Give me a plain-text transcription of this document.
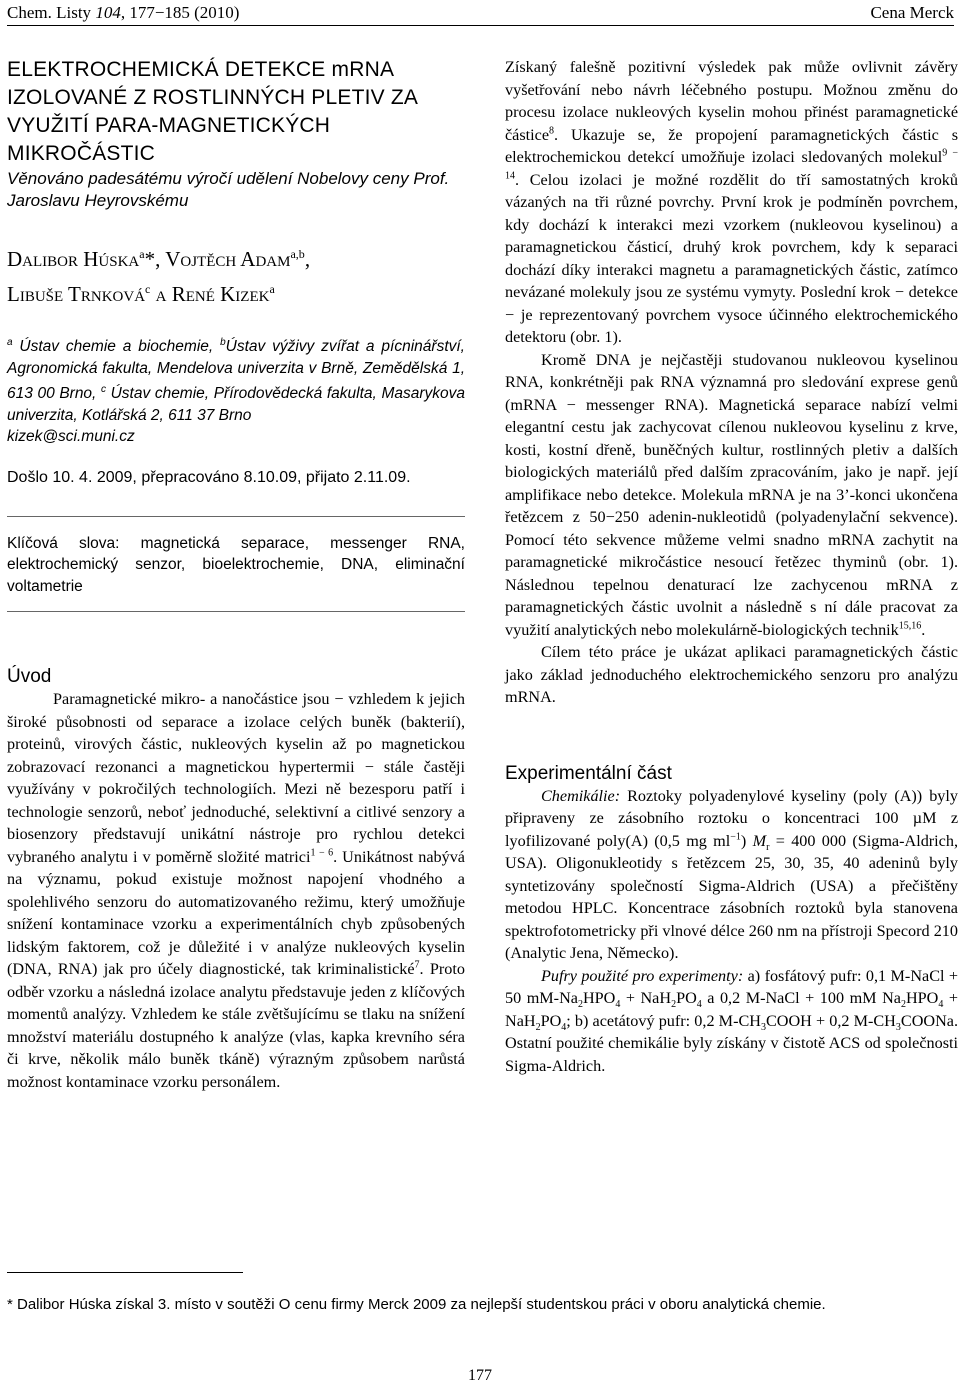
Chem. Listy 104, 177−185 (2010)	Cena Merck
ELEKTROCHEMICKÁ DETEKCE mRNA IZOLOVANÉ Z ROSTLINNÝCH PLETIV ZA VYUŽITÍ PARA-MAGNETICKÝCH MIKROČÁSTIC

Věnováno padesátému výročí udělení Nobelovy ceny Prof. Jaroslavu Heyrovskému

Dalibor Húska$^a$*, Vojtěch Adam$^{a,b}$,
Libuše Trnková$^c$ a René Kizek$^a$
$^a$ Ústav chemie a biochemie, $^b$Ústav výživy zvířat a pícninářství, Agronomická fakulta, Mendelova univerzita v Brně, Zemědělská 1, 613 00 Brno, $^c$ Ústav chemie, Přírodovědecká fakulta, Masarykova univerzita, Kotlářská 2, 611 37 Brno
kizek@sci.muni.cz
Došlo 10. 4. 2009, přepracováno 8.10.09, přijato 2.11.09.
Klíčová slova: magnetická separace, messenger RNA, elektrochemický senzor, bioelektrochemie, DNA, eliminační voltametrie
Úvod

Paramagnetické mikro- a nanočástice jsou − vzhledem k jejich široké působnosti od separace a izolace celých buněk (bakterií), proteinů, virových částic, nukleových kyselin až po magnetickou zobrazovací rezonanci a magnetickou hypertermii − stále častěji využívány v pokročilých technologiích. Mezi ně bezesporu patří i technologie senzorů, neboť jednoduché, selektivní a citlivé senzory a biosenzory představují unikátní nástroje pro rychlou detekci vybraného analytu i v poměrně složité matrici$^{1 - 6}$. Unikátnost nabývá na významu, pokud existuje možnost napojení vhodného a spolehlivého senzoru do automatizovaného režimu, který umožňuje snížení kontaminace vzorku a experimentálních chyb způsobených lidským faktorem, což je důležité i v analýze nukleových kyselin (DNA, RNA) jak pro účely diagnostické, tak kriminalistické$^7$. Proto odběr vzorku a následná izolace analytu představuje jeden z klíčových momentů analýzy. Vzhledem ke stále zvětšujícímu se tlaku na snížení množství materiálu dostupného k analýze (vlas, kapka krevního séra či krve, několik málo buněk tkáně) výrazným způsobem narůstá možnost kontaminace vzorku personálem.

Získaný falešně pozitivní výsledek pak může ovlivnit závěry vyšetřování nebo návrh léčebného postupu. Možnou změnu do procesu izolace nukleových kyselin mohou přinést paramagnetické částice$^8$. Ukazuje se, že propojení paramagnetických částic s elektrochemickou detekcí umožňuje izolaci sledovaných molekul$^{9 - 14}$. Celou izolaci je možné rozdělit do tří samostatných kroků vázaných na tři různé povrchy. První krok je podmíněn povrchem, kdy dochází k interakci mezi vzorkem (nukleovou kyselinou) a paramagnetickou částicí, druhý krok povrchem, kdy k separaci dochází díky interakci magnetu a paramagnetických částic, zatímco nevázané molekuly jsou ze systému vymyty. Poslední krok − detekce − je reprezentovaný povrchem vysoce účinného elektrochemického detektoru (obr. 1).

Kromě DNA je nejčastěji studovanou nukleovou kyselinou RNA, konkrétněji pak RNA významná pro sledování exprese genů (mRNA − messenger RNA). Magnetická separace nabízí velmi elegantní cestu jak zachycovat cílenou nukleovou kyselinu z krve, kosti, kostní dřeně, buněčných kultur, rostlinných pletiv a dalších biologických materiálů před dalším zpracováním, jako je např. její amplifikace nebo detekce. Molekula mRNA je na 3’-konci ukončena řetězcem z 50−250 adenin-nukleotidů (polyadenylační sekvence). Pomocí této sekvence můžeme velmi snadno mRNA zachytit na paramagnetické mikročástice nesoucí řetězec thyminů (obr. 1). Následnou tepelnou denaturací lze zachycenou mRNA z paramagnetických částic uvolnit a následně s ní dále pracovat za využití analytických nebo molekulárně-biologických technik$^{15,16}$.

Cílem této práce je ukázat aplikaci paramagnetických částic jako základ jednoduchého elektrochemického senzoru pro analýzu mRNA.

Experimentální část

Chemikálie: Roztoky polyadenylové kyseliny (poly (A)) byly připraveny ze zásobního roztoku o koncentraci 100 µM z lyofilizované poly(A) (0,5 mg $ml^{-1}$) $M_r = 400$ 000 (Sigma-Aldrich, USA). Oligonukleotidy s řetězcem 25, 30, 35, 40 adeninů byly syntetizovány společností Sigma-Aldrich (USA) a přečištěny metodou HPLC. Koncentrace zásobních roztoků byla stanovena spektrofotometricky při vlnové délce 260 nm na přístroji Specord 210 (Analytic Jena, Německo).

Pufry použité pro experimenty: a) fosfátový pufr: 0,1 M-NaCl + 50 $mM-Na_2HPO_4 + NaH_2PO_4$ a 0,2 M-NaCl + 100 mM $Na_2HPO_4 + NaH_2PO_4$; b) acetátový pufr: 0,2 $M-CH_3COOH + 0,2$ $M-CH_3COONa$. Ostatní použité chemikálie byly získány v čistotě ACS od společnosti Sigma-Aldrich.

* Dalibor Húska získal 3. místo v soutěži O cenu firmy Merck 2009 za nejlepší studentskou práci v oboru analytická chemie.
177
